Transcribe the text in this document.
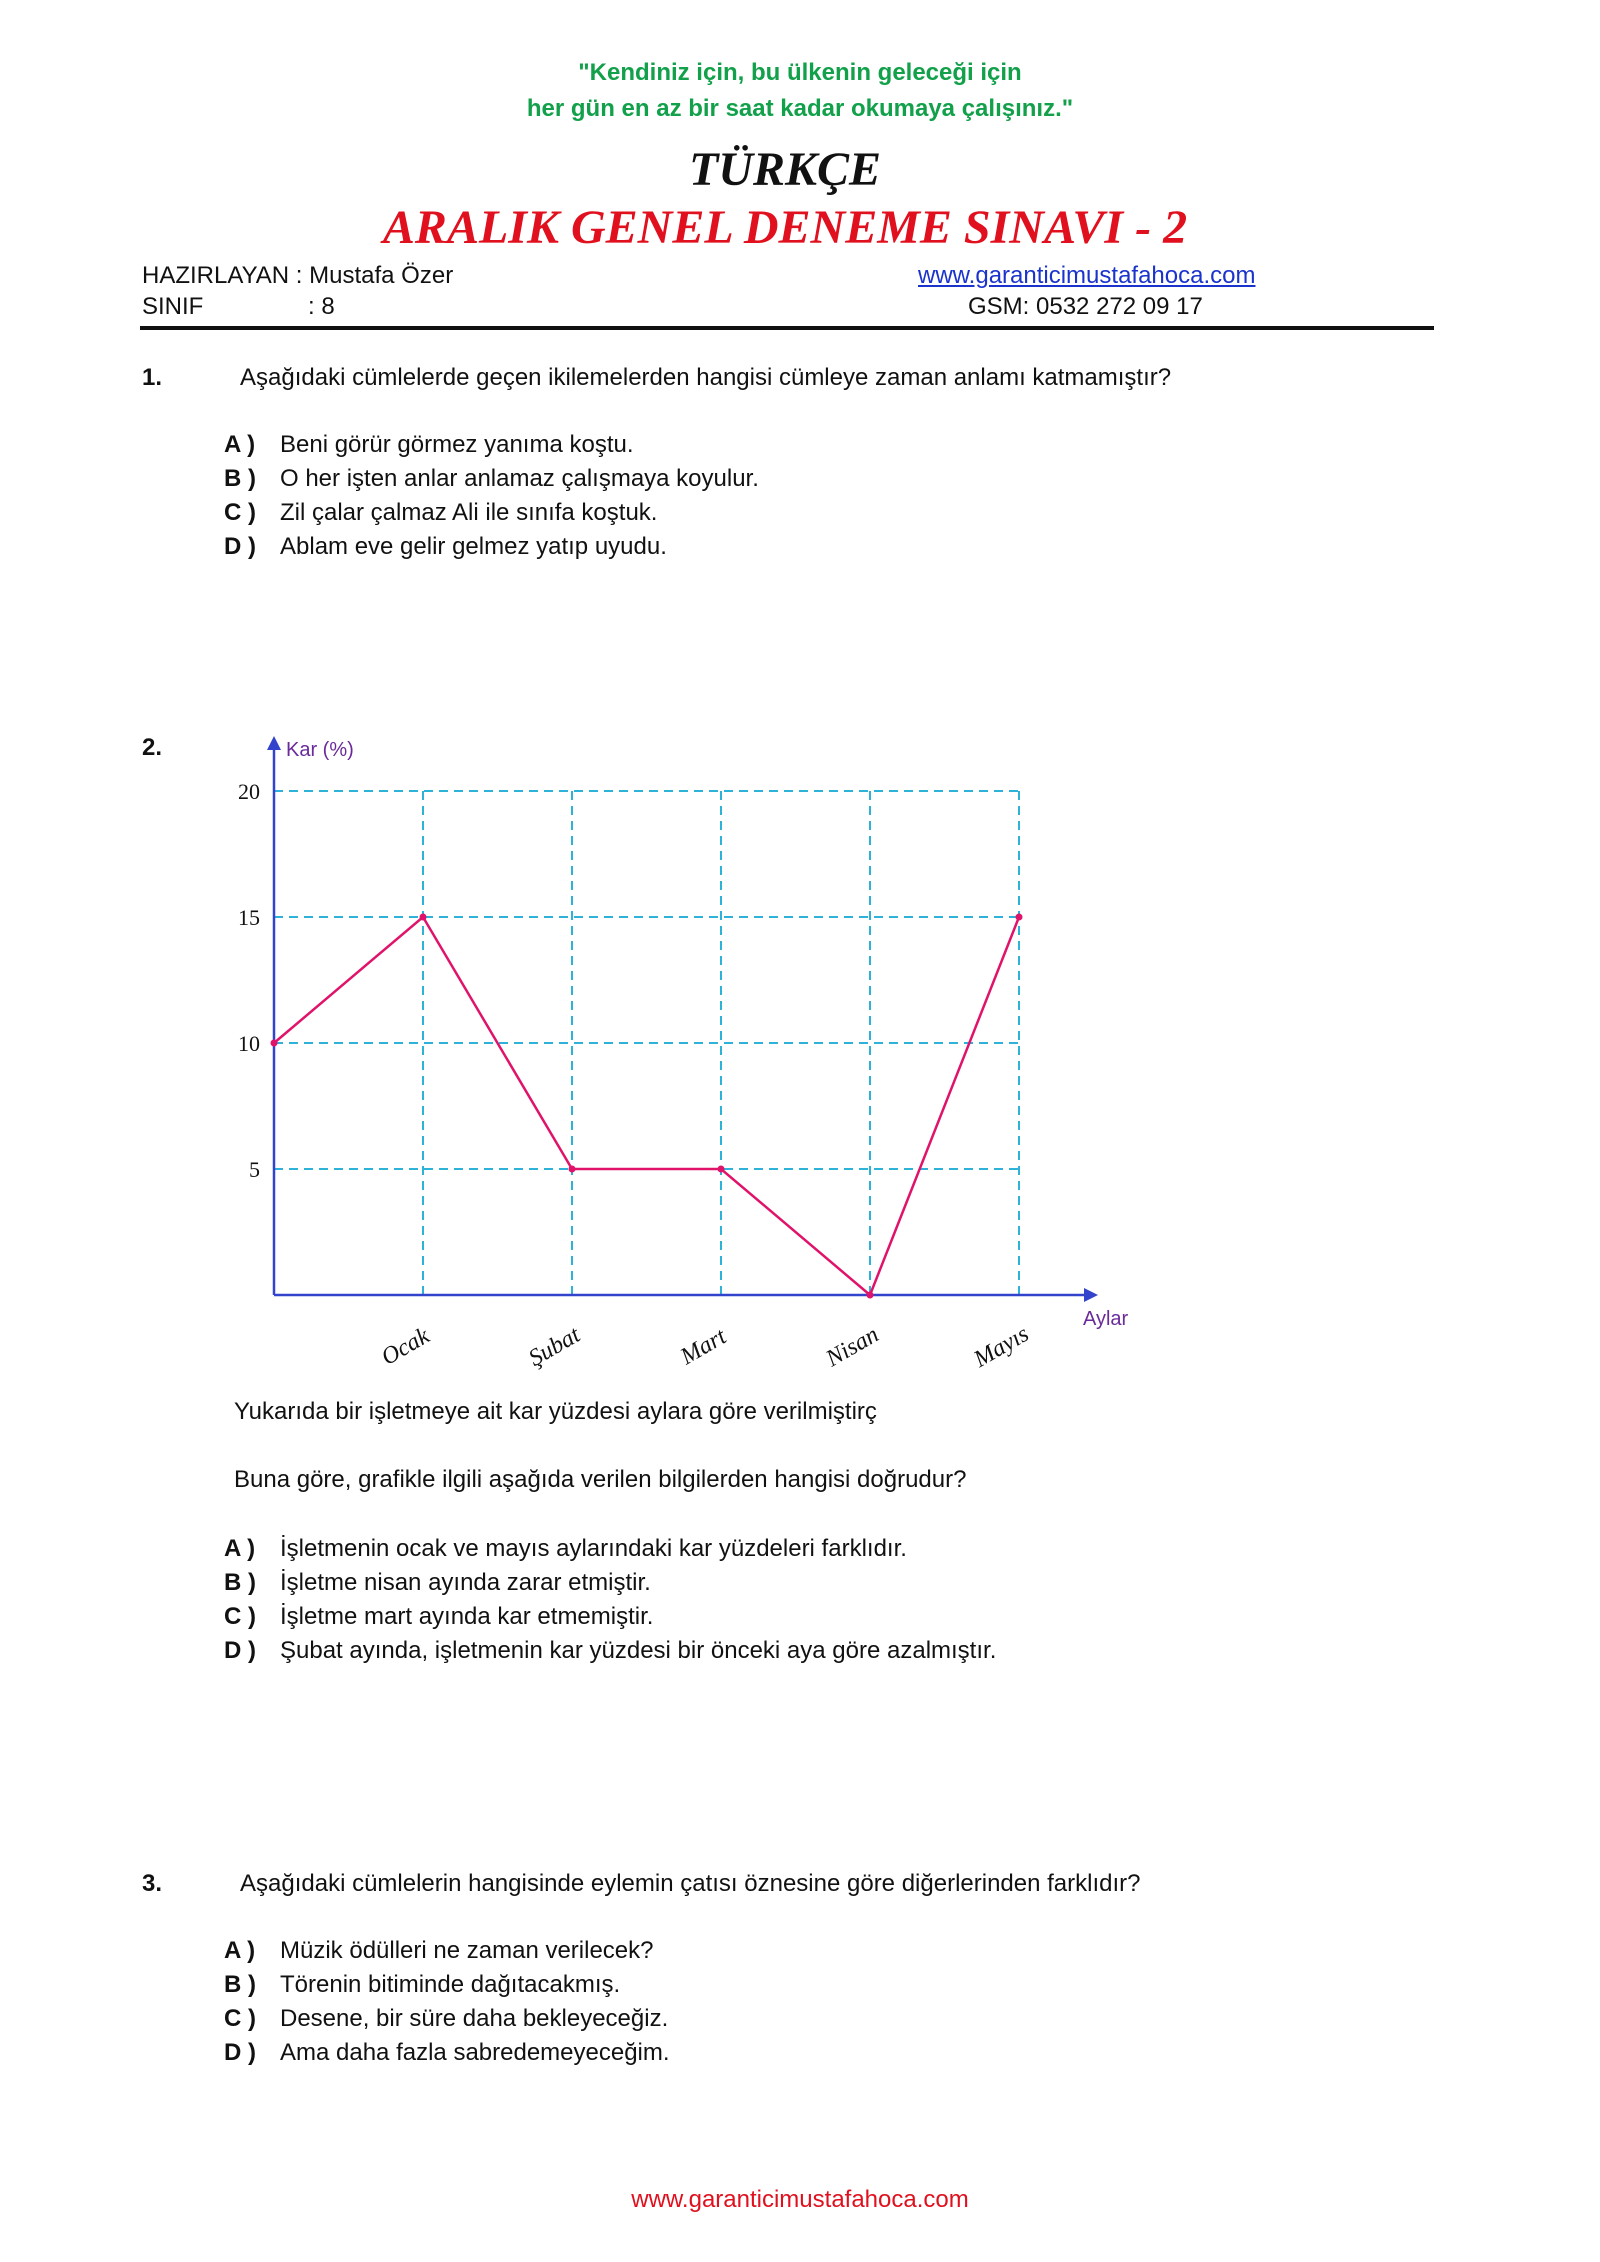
"Kendiniz için, bu ülkenin geleceği için
her gün en az bir saat kadar okumaya çalışınız."
TÜRKÇE
ARALIK GENEL DENEME SINAVI - 2
HAZIRLAYAN : Mustafa Özer
SINIF	: 8
www.garanticimustafahoca.com
GSM: 0532 272 09 17
1.	Aşağıdaki cümlelerde geçen ikilemelerden hangisi cümleye zaman anlamı katmamıştır?
A ) Beni görür görmez yanıma koştu.
B ) O her işten anlar anlamaz çalışmaya koyulur.
C ) Zil çalar çalmaz Ali ile sınıfa koştuk.
D ) Ablam eve gelir gelmez yatıp uyudu.
2.
5
10
15
20
Kar (%)
Aylar
Ocak	Şubat	Mart	Nisan	Mayıs
Yukarıda bir işletmeye ait kar yüzdesi aylara göre verilmiştirç
Buna göre, grafikle ilgili aşağıda verilen bilgilerden hangisi doğrudur?
A ) İşletmenin ocak ve mayıs aylarındaki kar yüzdeleri farklıdır.
B ) İşletme nisan ayında zarar etmiştir.
C ) İşletme mart ayında kar etmemiştir.
D ) Şubat ayında, işletmenin kar yüzdesi bir önceki aya göre azalmıştır.
3.	Aşağıdaki cümlelerin hangisinde eylemin çatısı öznesine göre diğerlerinden farklıdır?
A ) Müzik ödülleri ne zaman verilecek?
B ) Törenin bitiminde dağıtacakmış.
C ) Desene, bir süre daha bekleyeceğiz.
D ) Ama daha fazla sabredemeyeceğim.
www.garanticimustafahoca.com
